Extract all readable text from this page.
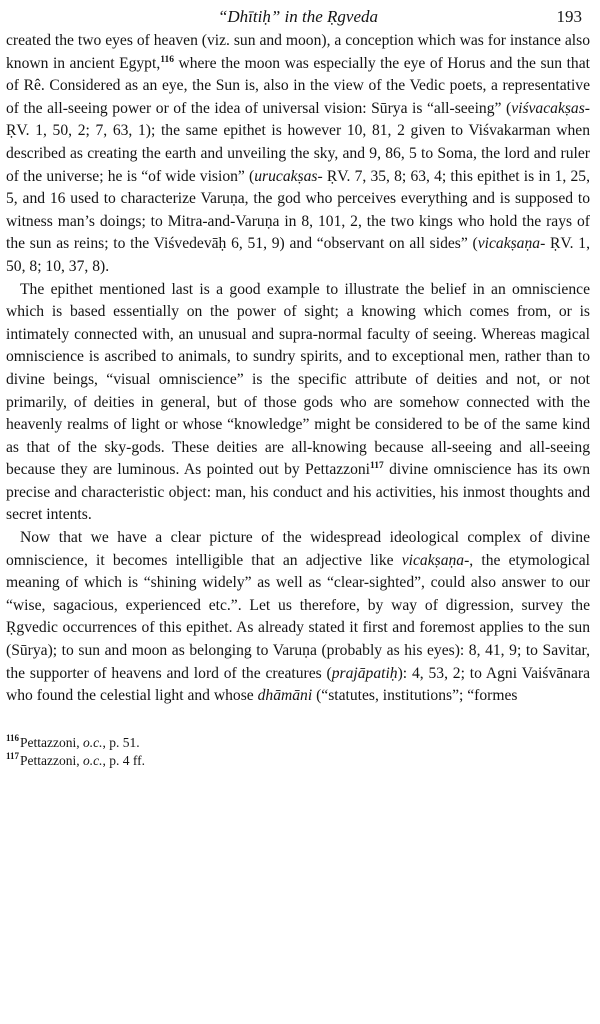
“Dhītiḥ” in the Ṛgveda	193

created the two eyes of heaven (viz. sun and moon), a conception which was for instance also known in ancient Egypt,$^{116}$ where the moon was especially the eye of Horus and the sun that of Rê. Considered as an eye, the Sun is, also in the view of the Vedic poets, a representative of the all-seeing power or of the idea of universal vision: Sūrya is “all-seeing” (viśvacakṣas- ṚV. 1, 50, 2; 7, 63, 1); the same epithet is however 10, 81, 2 given to Viśvakarman when described as creating the earth and unveiling the sky, and 9, 86, 5 to Soma, the lord and ruler of the universe; he is “of wide vision” (urucakṣas- ṚV. 7, 35, 8; 63, 4; this epithet is in 1, 25, 5, and 16 used to characterize Varuṇa, the god who perceives everything and is supposed to witness man’s doings; to Mitra-and-Varuṇa in 8, 101, 2, the two kings who hold the rays of the sun as reins; to the Viśvedevāḥ 6, 51, 9) and “observant on all sides” (vicakṣaṇa- ṚV. 1, 50, 8; 10, 37, 8).

The epithet mentioned last is a good example to illustrate the belief in an omniscience which is based essentially on the power of sight; a knowing which comes from, or is intimately connected with, an unusual and supra-normal faculty of seeing. Whereas magical omniscience is ascribed to animals, to sundry spirits, and to exceptional men, rather than to divine beings, “visual omniscience” is the specific attribute of deities and not, or not primarily, of deities in general, but of those gods who are somehow connected with the heavenly realms of light or whose “knowledge” might be considered to be of the same kind as that of the sky-gods. These deities are all-knowing because all-seeing and all-seeing because they are luminous. As pointed out by Pettazzoni$^{117}$ divine omniscience has its own precise and characteristic object: man, his conduct and his activities, his inmost thoughts and secret intents.

Now that we have a clear picture of the widespread ideological complex of divine omniscience, it becomes intelligible that an adjective like vicakṣaṇa-, the etymological meaning of which is “shining widely” as well as “clear-sighted”, could also answer to our “wise, sagacious, experienced etc.”. Let us therefore, by way of digression, survey the Ṛgvedic occurrences of this epithet. As already stated it first and foremost applies to the sun (Sūrya); to sun and moon as belonging to Varuṇa (probably as his eyes): 8, 41, 9; to Savitar, the supporter of heavens and lord of the creatures (prajāpatiḥ): 4, 53, 2; to Agni Vaiśvānara who found the celestial light and whose dhāmāni (“statutes, institutions”; “formes

116Pettazzoni, o.c., p. 51.
117Pettazzoni, o.c., p. 4 ff.
